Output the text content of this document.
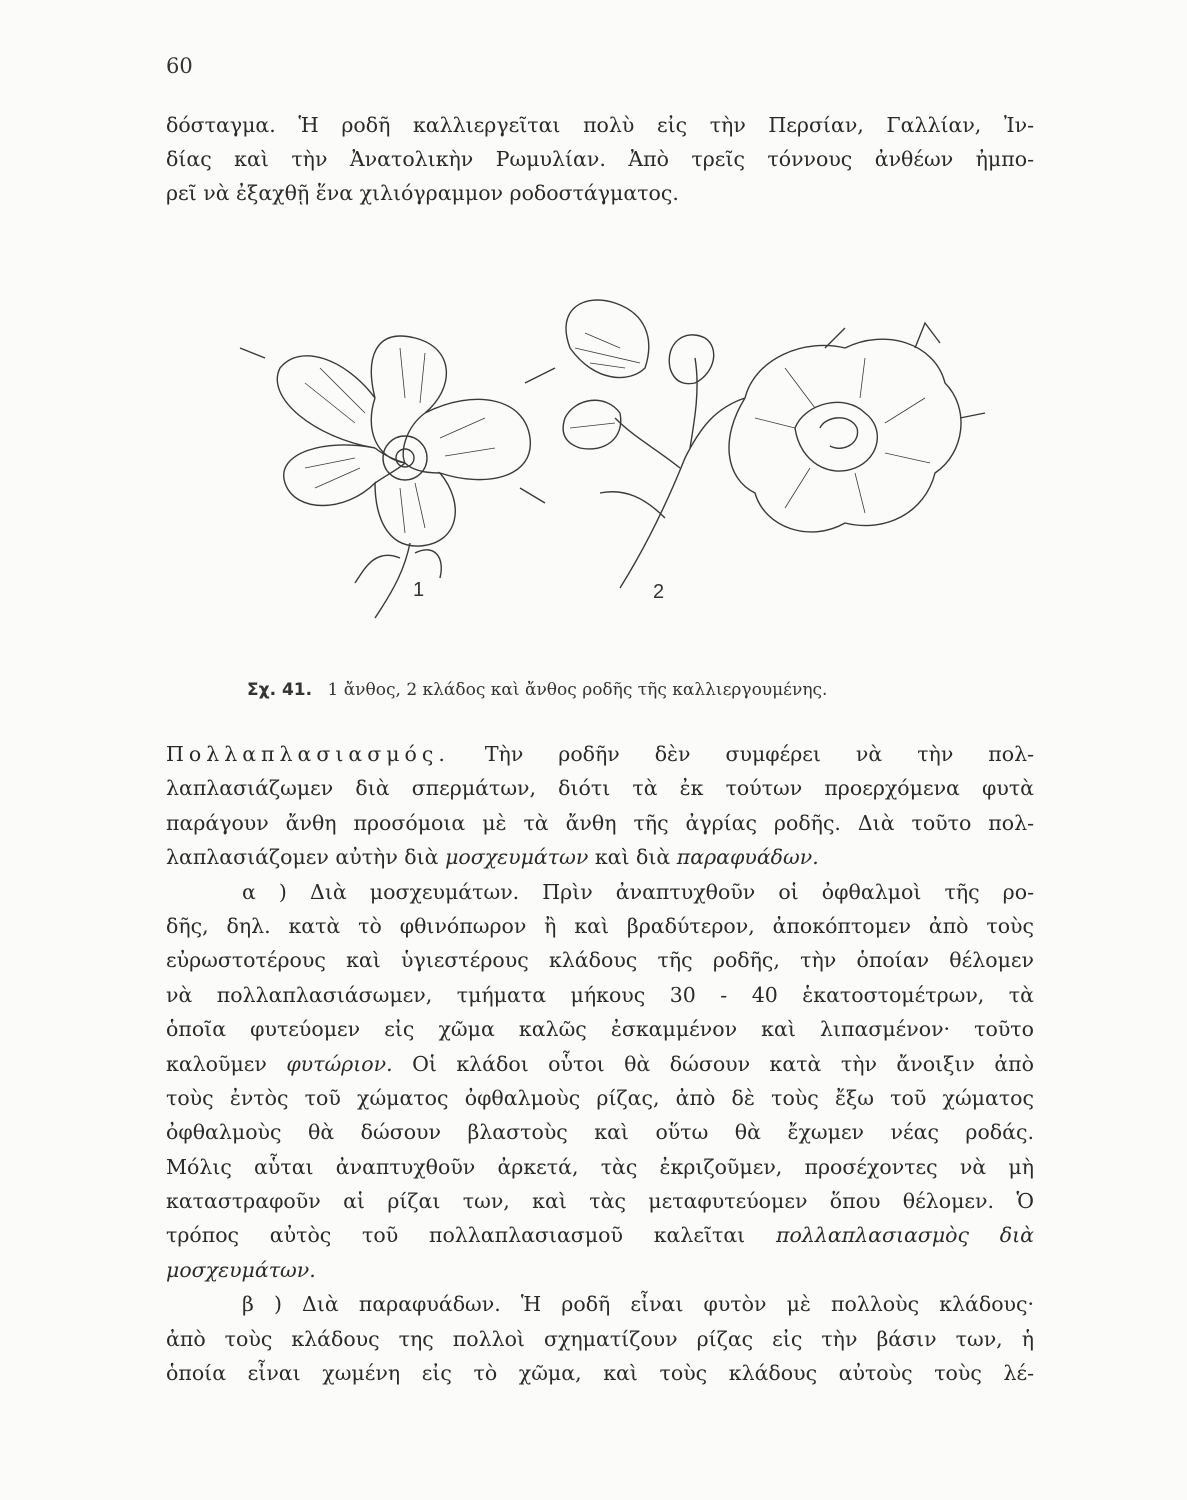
60
δόσταγμα. Ἡ ροδῆ καλλιεργεῖται πολὺ εἰς τὴν Περσίαν, Γαλλίαν, Ἰν-
δίας καὶ τὴν Ἀνατολικὴν Ρωμυλίαν. Ἀπὸ τρεῖς τόννους ἀνθέων ἠμπο-
ρεῖ νὰ ἐξαχθῇ ἕνα χιλιόγραμμον ροδοστάγματος.
1	2
Σχ. 41. 1 ἄνθος, 2 κλάδος καὶ ἄνθος ροδῆς τῆς καλλιεργουμένης.
Πολλαπλασιασμός. Τὴν ροδῆν δὲν συμφέρει νὰ τὴν πολ-
λαπλασιάζωμεν διὰ σπερμάτων, διότι τὰ ἐκ τούτων προερχόμενα φυτὰ
παράγουν ἄνθη προσόμοια μὲ τὰ ἄνθη τῆς ἀγρίας ροδῆς. Διὰ τοῦτο πολ-
λαπλασιάζομεν αὐτὴν διὰ μοσχευμάτων καὶ διὰ παραφυάδων.
α ) Διὰ μοσχευμάτων. Πρὶν ἀναπτυχθοῦν οἱ ὀφθαλμοὶ τῆς ρο-
δῆς, δηλ. κατὰ τὸ φθινόπωρον ἢ καὶ βραδύτερον, ἀποκόπτομεν ἀπὸ τοὺς
εὐρωστοτέρους καὶ ὑγιεστέρους κλάδους τῆς ροδῆς, τὴν ὁποίαν θέλομεν
νὰ πολλαπλασιάσωμεν, τμήματα μήκους 30 - 40 ἑκατοστομέτρων, τὰ
ὁποῖα φυτεύομεν εἰς χῶμα καλῶς ἐσκαμμένον καὶ λιπασμένον· τοῦτο
καλοῦμεν φυτώριον. Οἱ κλάδοι οὗτοι θὰ δώσουν κατὰ τὴν ἄνοιξιν ἀπὸ
τοὺς ἐντὸς τοῦ χώματος ὀφθαλμοὺς ρίζας, ἀπὸ δὲ τοὺς ἔξω τοῦ χώματος
ὀφθαλμοὺς θὰ δώσουν βλαστοὺς καὶ οὕτω θὰ ἔχωμεν νέας ροδάς.
Μόλις αὗται ἀναπτυχθοῦν ἀρκετά, τὰς ἐκριζοῦμεν, προσέχοντες νὰ μὴ
καταστραφοῦν αἱ ρίζαι των, καὶ τὰς μεταφυτεύομεν ὅπου θέλομεν. Ὁ
τρόπος αὐτὸς τοῦ πολλαπλασιασμοῦ καλεῖται πολλαπλασιασμὸς διὰ
μοσχευμάτων.
β ) Διὰ παραφυάδων. Ἡ ροδῆ εἶναι φυτὸν μὲ πολλοὺς κλάδους·
ἀπὸ τοὺς κλάδους της πολλοὶ σχηματίζουν ρίζας εἰς τὴν βάσιν των, ἡ
ὁποία εἶναι χωμένη εἰς τὸ χῶμα, καὶ τοὺς κλάδους αὐτοὺς τοὺς λέ-
